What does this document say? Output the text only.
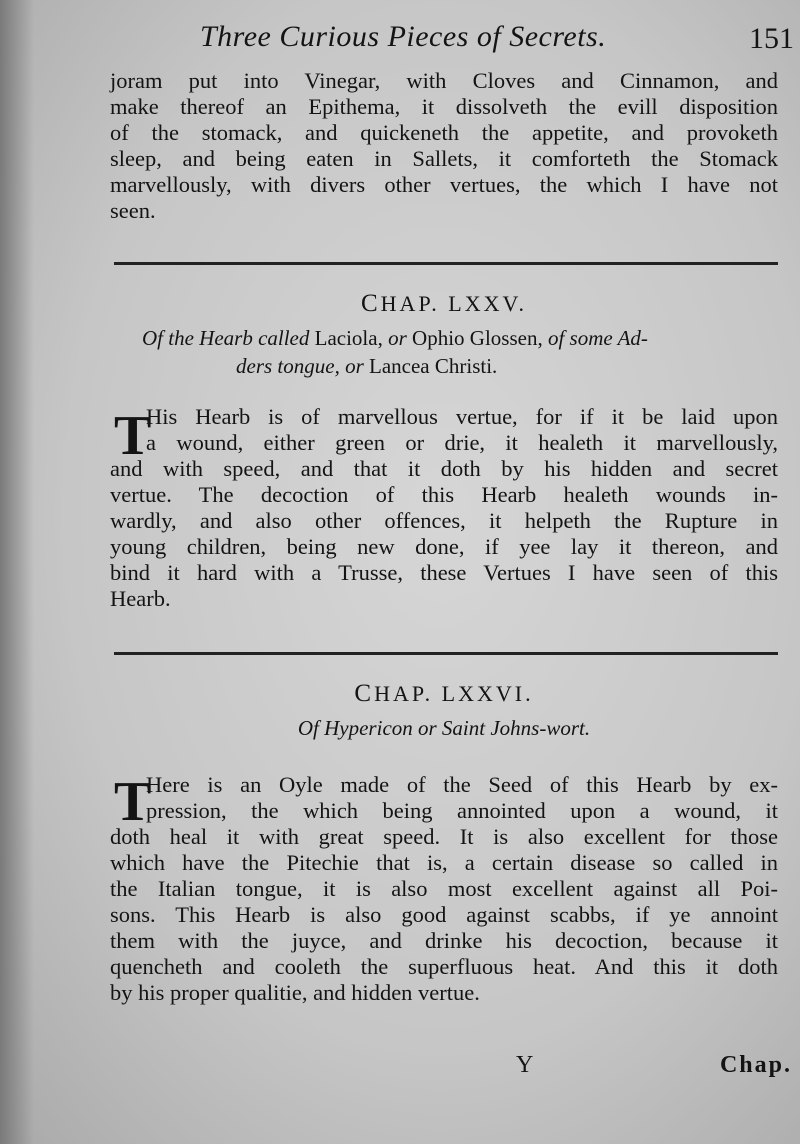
Three Curious Pieces of Secrets.	151
joram put into Vinegar, with Cloves and Cinnamon, and
make thereof an Epithema, it dissolveth the evill disposition
of the stomack, and quickeneth the appetite, and provoketh
sleep, and being eaten in Sallets, it comforteth the Stomack
marvellously, with divers other vertues, the which I have not
seen.
CHAP. LXXV.
Of the Hearb called Laciola, or Ophio Glossen, of some Ad-
ders tongue, or Lancea Christi.
T
His Hearb is of marvellous vertue, for if it be laid upon
a wound, either green or drie, it healeth it marvellously,
and with speed, and that it doth by his hidden and secret
vertue. The decoction of this Hearb healeth wounds in-
wardly, and also other offences, it helpeth the Rupture in
young children, being new done, if yee lay it thereon, and
bind it hard with a Trusse, these Vertues I have seen of this
Hearb.
CHAP. LXXVI.
Of Hypericon or Saint Johns-wort.
T
Here is an Oyle made of the Seed of this Hearb by ex-
pression, the which being annointed upon a wound, it
doth heal it with great speed. It is also excellent for those
which have the Pitechie that is, a certain disease so called in
the Italian tongue, it is also most excellent against all Poi-
sons. This Hearb is also good against scabbs, if ye annoint
them with the juyce, and drinke his decoction, because it
quencheth and cooleth the superfluous heat. And this it doth
by his proper qualitie, and hidden vertue.
Y	Chap.
